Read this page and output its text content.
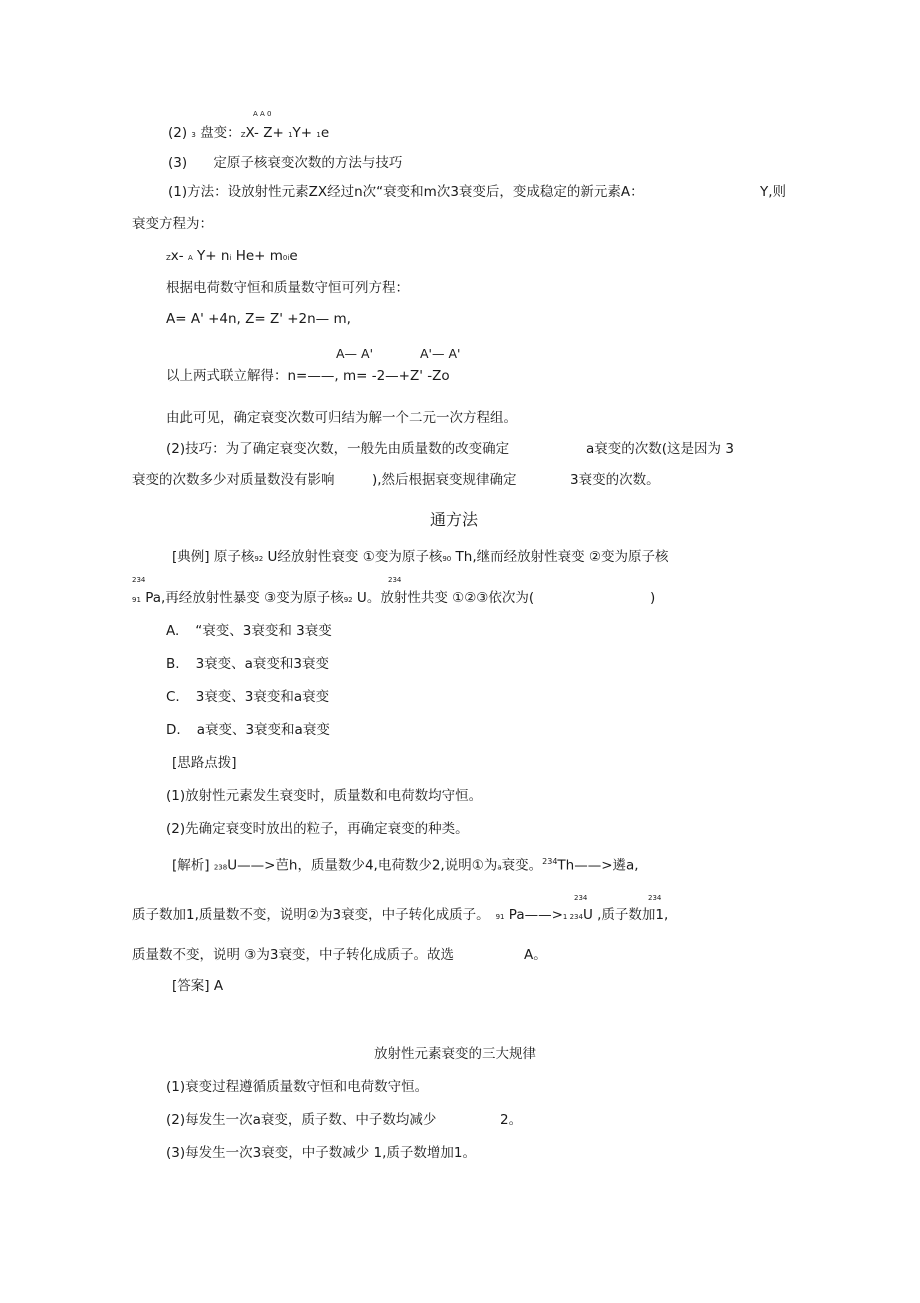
A A 0
(2) 3 盘变：ZX- Z+ 1Y+ 1e
(3) 定原子核衰变次数的方法与技巧
(1)方法：设放射性元素ZX经过n次“衰变和m次3衰变后，变成稳定的新元素A：	Y,则
衰变方程为：
Zx- A Y+ ni He+ m0ie
根据电荷数守恒和质量数守恒可列方程：
A= A' +4n, Z= Z' +2n— m,
A— A'	A'— A'
以上两式联立解得：n=——, m= -2—+Z' -Zo
由此可见，确定衰变次数可归结为解一个二元一次方程组。
(2)技巧：为了确定衰变次数，一般先由质量数的改变确定	a衰变的次数(这是因为 3
衰变的次数多少对质量数没有影响	),然后根据衰变规律确定	3衰变的次数。
通方法
[典例] 原子核92 U经放射性衰变 ①变为原子核90 Th,继而经放射性衰变 ②变为原子核
234	234
91 Pa,再经放射性暴变 ③变为原子核92 U。放射性共变 ①②③依次为(	)
A. “衰变、3衰变和 3衰变
B. 3衰变、a衰变和3衰变
C. 3衰变、3衰变和a衰变
D. a衰变、3衰变和a衰变
[思路点拨]
(1)放射性元素发生衰变时，质量数和电荷数均守恒。
(2)先确定衰变时放出的粒子，再确定衰变的种类。
[解析] 238U——>芭h，质量数少4,电荷数少2,说明①为a衰变。$^{234}$Th——>遴a,
234	234
质子数加1,质量数不变，说明②为3衰变，中子转化成质子。 91 Pa——>1 234U ,质子数加1,
质量数不变，说明 ③为3衰变，中子转化成质子。故选	A。
[答案] A
放射性元素衰变的三大规律
(1)衰变过程遵循质量数守恒和电荷数守恒。
(2)每发生一次a衰变，质子数、中子数均减少	2。
(3)每发生一次3衰变，中子数减少 1,质子数增加1。
